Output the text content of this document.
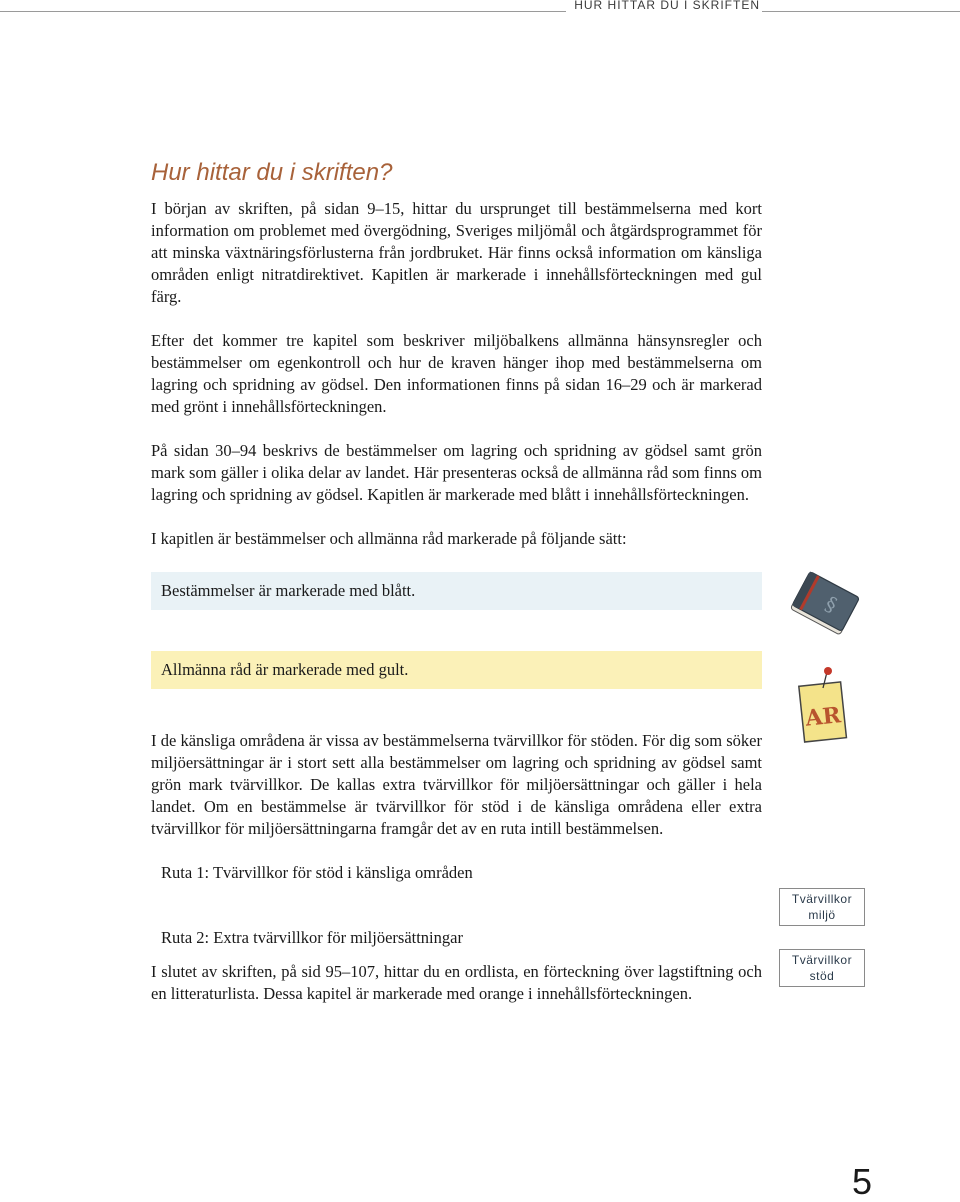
HUR HITTAR DU I SKRIFTEN

Hur hittar du i skriften?

I början av skriften, på sidan 9–15, hittar du ursprunget till bestämmelserna med kort information om problemet med övergödning, Sveriges miljömål och åtgärdsprogrammet för att minska växtnäringsförlusterna från jordbruket. Här finns också information om känsliga områden enligt nitratdirektivet. Kapitlen är markerade i innehållsförteckningen med gul färg.

Efter det kommer tre kapitel som beskriver miljöbalkens allmänna hänsynsregler och bestämmelser om egenkontroll och hur de kraven hänger ihop med bestämmelserna om lagring och spridning av gödsel. Den informationen finns på sidan 16–29 och är markerad med grönt i innehållsförteckningen.

På sidan 30–94 beskrivs de bestämmelser om lagring och spridning av gödsel samt grön mark som gäller i olika delar av landet. Här presenteras också de allmänna råd som finns om lagring och spridning av gödsel. Kapitlen är markerade med blått i innehållsförteckningen.

I kapitlen är bestämmelser och allmänna råd markerade på följande sätt:

Bestämmelser är markerade med blått.
Allmänna råd är markerade med gult.

I de känsliga områdena är vissa av bestämmelserna tvärvillkor för stöden. För dig som söker miljöersättningar är i stort sett alla bestämmelser om lagring och spridning av gödsel samt grön mark tvärvillkor. De kallas extra tvärvillkor för miljöersättningar och gäller i hela landet. Om en bestämmelse är tvärvillkor för stöd i de känsliga områdena eller extra tvärvillkor för miljöersättningarna framgår det av en ruta intill bestämmelsen.

Ruta 1: Tvärvillkor för stöd i känsliga områden

Ruta 2: Extra tvärvillkor för miljöersättningar

I slutet av skriften, på sid 95–107, hittar du en ordlista, en förteckning över lagstiftning och en litteraturlista. Dessa kapitel är markerade med orange i innehållsförteckningen.

§
AR
Tvärvillkor
miljö
Tvärvillkor
stöd

5
